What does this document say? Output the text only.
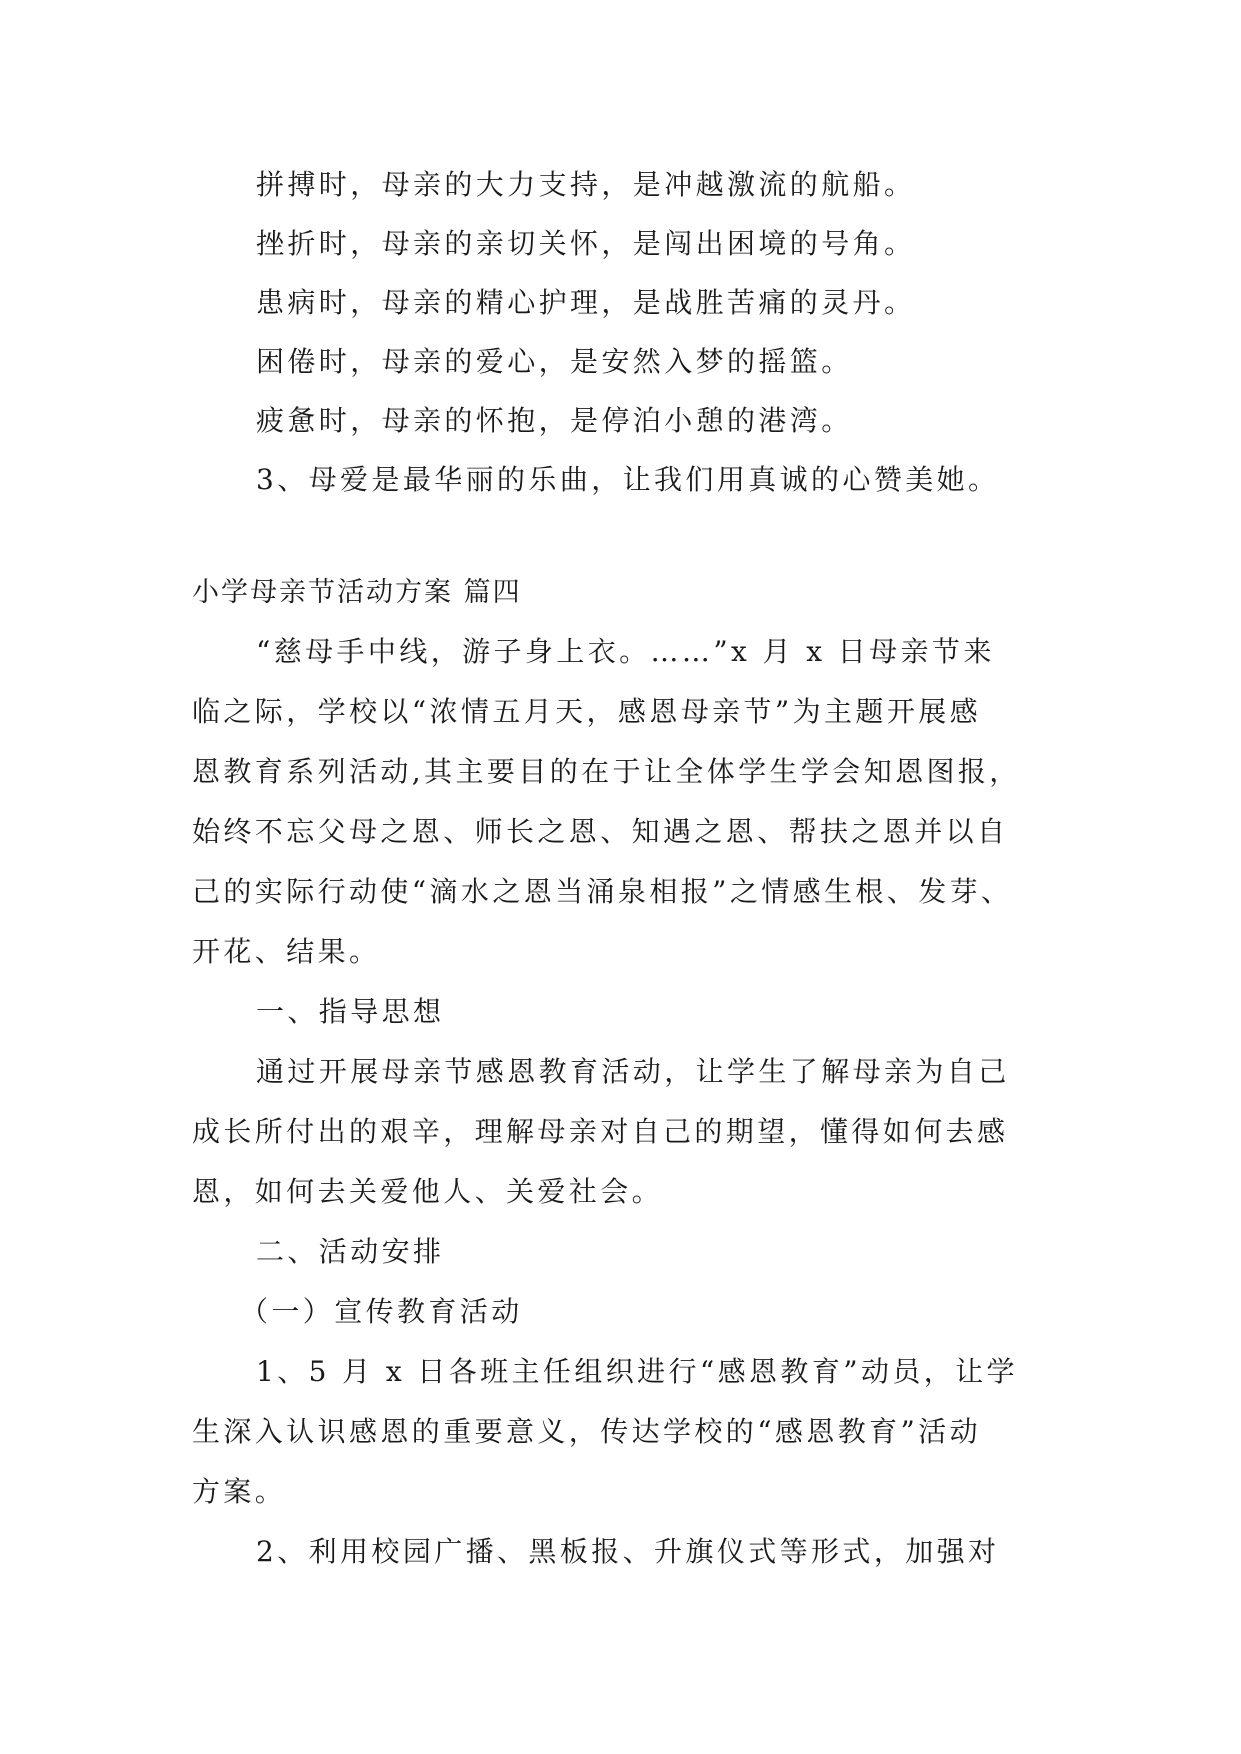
拼搏时，母亲的大力支持，是冲越激流的航船。

挫折时，母亲的亲切关怀，是闯出困境的号角。

患病时，母亲的精心护理，是战胜苦痛的灵丹。

困倦时，母亲的爱心，是安然入梦的摇篮。

疲惫时，母亲的怀抱，是停泊小憩的港湾。

3、母爱是最华丽的乐曲，让我们用真诚的心赞美她。

小学母亲节活动方案 篇四

“慈母手中线，游子身上衣。……”x 月 x 日母亲节来

临之际，学校以“浓情五月天，感恩母亲节”为主题开展感

恩教育系列活动,其主要目的在于让全体学生学会知恩图报，

始终不忘父母之恩、师长之恩、知遇之恩、帮扶之恩并以自

己的实际行动使“滴水之恩当涌泉相报”之情感生根、发芽、

开花、结果。

一、指导思想

通过开展母亲节感恩教育活动，让学生了解母亲为自己

成长所付出的艰辛，理解母亲对自己的期望，懂得如何去感

恩，如何去关爱他人、关爱社会。

二、活动安排

（一）宣传教育活动

1、5 月 x 日各班主任组织进行“感恩教育”动员，让学

生深入认识感恩的重要意义，传达学校的“感恩教育”活动

方案。

2、利用校园广播、黑板报、升旗仪式等形式，加强对
